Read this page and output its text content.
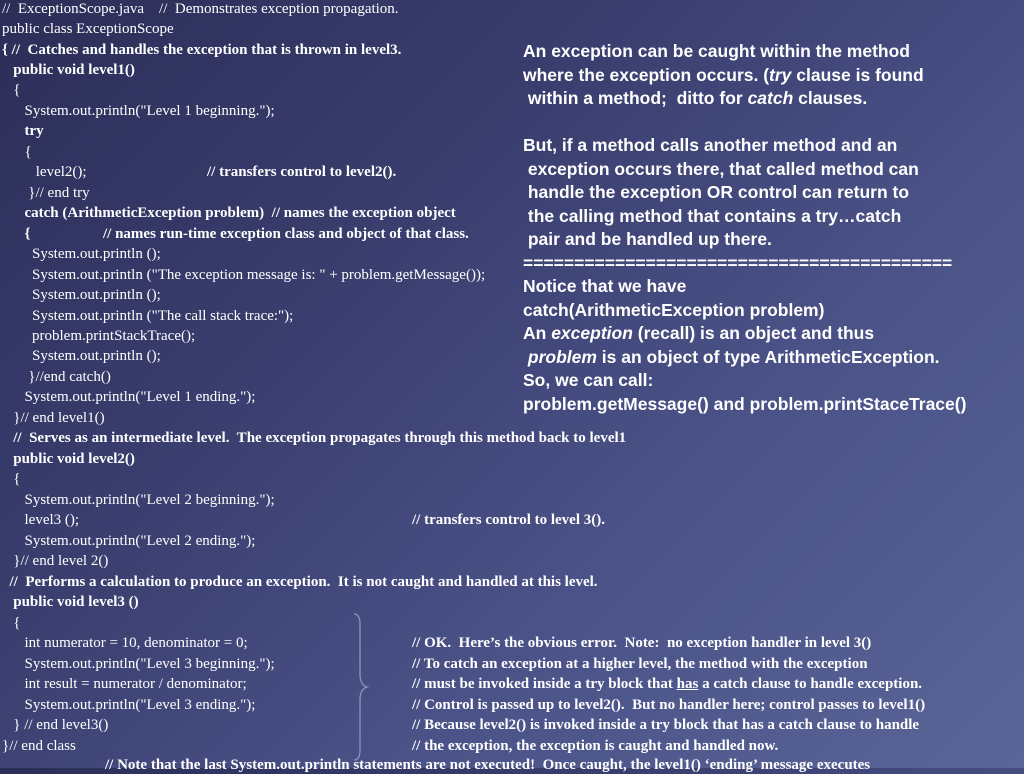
//  ExceptionScope.java    //  Demonstrates exception propagation.
public class ExceptionScope
{ //  Catches and handles the exception that is thrown in level3.
public void level1()
{
System.out.println("Level 1 beginning.");
try
{
level2();
}// end try
catch (ArithmeticException problem)  // names the exception object
{
System.out.println ();
System.out.println ("The exception message is: " + problem.getMessage());
System.out.println ();
System.out.println ("The call stack trace:");
problem.printStackTrace();
System.out.println ();
}//end catch()
System.out.println("Level 1 ending.");
}// end level1()
//  Serves as an intermediate level.  The exception propagates through this method back to level1
public void level2()
{
System.out.println("Level 2 beginning.");
level3 ();
System.out.println("Level 2 ending.");
}// end level 2()
//  Performs a calculation to produce an exception.  It is not caught and handled at this level.
public void level3 ()
{
int numerator = 10, denominator = 0;
System.out.println("Level 3 beginning.");
int result = numerator / denominator;
System.out.println("Level 3 ending.");
} // end level3()
}// end class
// transfers control to level2().
// names run-time exception class and object of that class.
// transfers control to level 3().
// OK.  Here’s the obvious error.  Note:  no exception handler in level 3()
// To catch an exception at a higher level, the method with the exception
// must be invoked inside a try block that has a catch clause to handle exception.
// Control is passed up to level2().  But no handler here; control passes to level1()
// Because level2() is invoked inside a try block that has a catch clause to handle
// the exception, the exception is caught and handled now.
// Note that the last System.out.println statements are not executed!  Once caught, the level1() ‘ending’ message executes
An exception can be caught within the method
where the exception occurs. (try clause is found
within a method;  ditto for catch clauses.

But, if a method calls another method and an
exception occurs there, that called method can
handle the exception OR control can return to
the calling method that contains a try…catch
pair and be handled up there.
==========================================
Notice that we have
catch(ArithmeticException problem)
An exception (recall) is an object and thus
problem is an object of type ArithmeticException.
So, we can call:
problem.getMessage() and problem.printStaceTrace()
